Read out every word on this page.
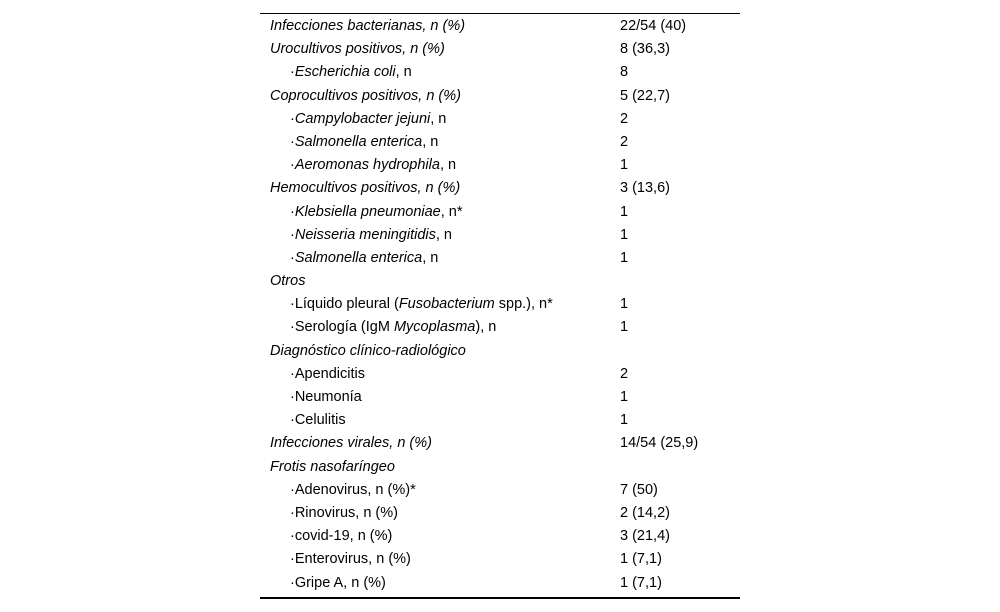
Infecciones bacterianas, n (%)	22/54 (40)
Urocultivos positivos, n (%)	8 (36,3)
·Escherichia coli, n	8
Coprocultivos positivos, n (%)	5 (22,7)
·Campylobacter jejuni, n	2
·Salmonella enterica, n	2
·Aeromonas hydrophila, n	1
Hemocultivos positivos, n (%)	3 (13,6)
·Klebsiella pneumoniae, n*	1
·Neisseria meningitidis, n	1
·Salmonella enterica, n	1
Otros
·Líquido pleural (Fusobacterium spp.), n*	1
·Serología (IgM Mycoplasma), n	1
Diagnóstico clínico-radiológico
·Apendicitis	2
·Neumonía	1
·Celulitis	1
Infecciones virales, n (%)	14/54 (25,9)
Frotis nasofaríngeo
·Adenovirus, n (%)*	7 (50)
·Rinovirus, n (%)	2 (14,2)
·covid-19, n (%)	3 (21,4)
·Enterovirus, n (%)	1 (7,1)
·Gripe A, n (%)	1 (7,1)
